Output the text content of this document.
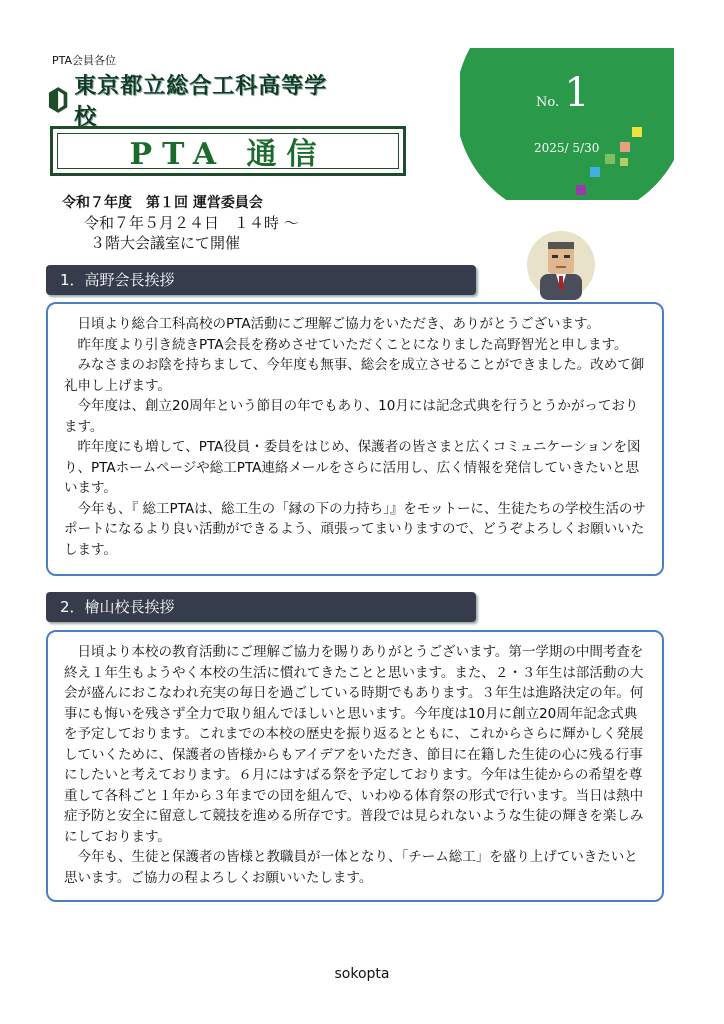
PTA会員各位
東京都立総合工科高等学校
PTA 通信
No. 1
2025/ 5/30
令和７年度　第１回 運営委員会
令和７年５月２４日　１４時 ～
３階大会議室にて開催
1．高野会長挨拶

日頃より総合工科高校のPTA活動にご理解ご協力をいただき、ありがとうございます。

昨年度より引き続きPTA会長を務めさせていただくことになりました高野智光と申します。

みなさまのお陰を持ちまして、今年度も無事、総会を成立させることができました。改めて御礼申し上げます。

今年度は、創立20周年という節目の年でもあり、10月には記念式典を行うとうかがっております。

昨年度にも増して、PTA役員・委員をはじめ、保護者の皆さまと広くコミュニケーションを図り、PTAホームページや総工PTA連絡メールをさらに活用し、広く情報を発信していきたいと思います。

今年も、『 総工PTAは、総工生の「縁の下の力持ち」』をモットーに、生徒たちの学校生活のサポートになるより良い活動ができるよう、頑張ってまいりますので、どうぞよろしくお願いいたします。

2．檜山校長挨拶

日頃より本校の教育活動にご理解ご協力を賜りありがとうございます。第一学期の中間考査を終え１年生もようやく本校の生活に慣れてきたことと思います。また、２・３年生は部活動の大会が盛んにおこなわれ充実の毎日を過ごしている時期でもあります。３年生は進路決定の年。何事にも悔いを残さず全力で取り組んでほしいと思います。今年度は10月に創立20周年記念式典を予定しております。これまでの本校の歴史を振り返るとともに、これからさらに輝かしく発展していくために、保護者の皆様からもアイデアをいただき、節目に在籍した生徒の心に残る行事にしたいと考えております。６月にはすばる祭を予定しております。今年は生徒からの希望を尊重して各科ごと１年から３年までの団を組んで、いわゆる体育祭の形式で行います。当日は熱中症予防と安全に留意して競技を進める所存です。普段では見られないような生徒の輝きを楽しみにしております。

今年も、生徒と保護者の皆様と教職員が一体となり、「チーム総工」を盛り上げていきたいと思います。ご協力の程よろしくお願いいたします。

sokopta
